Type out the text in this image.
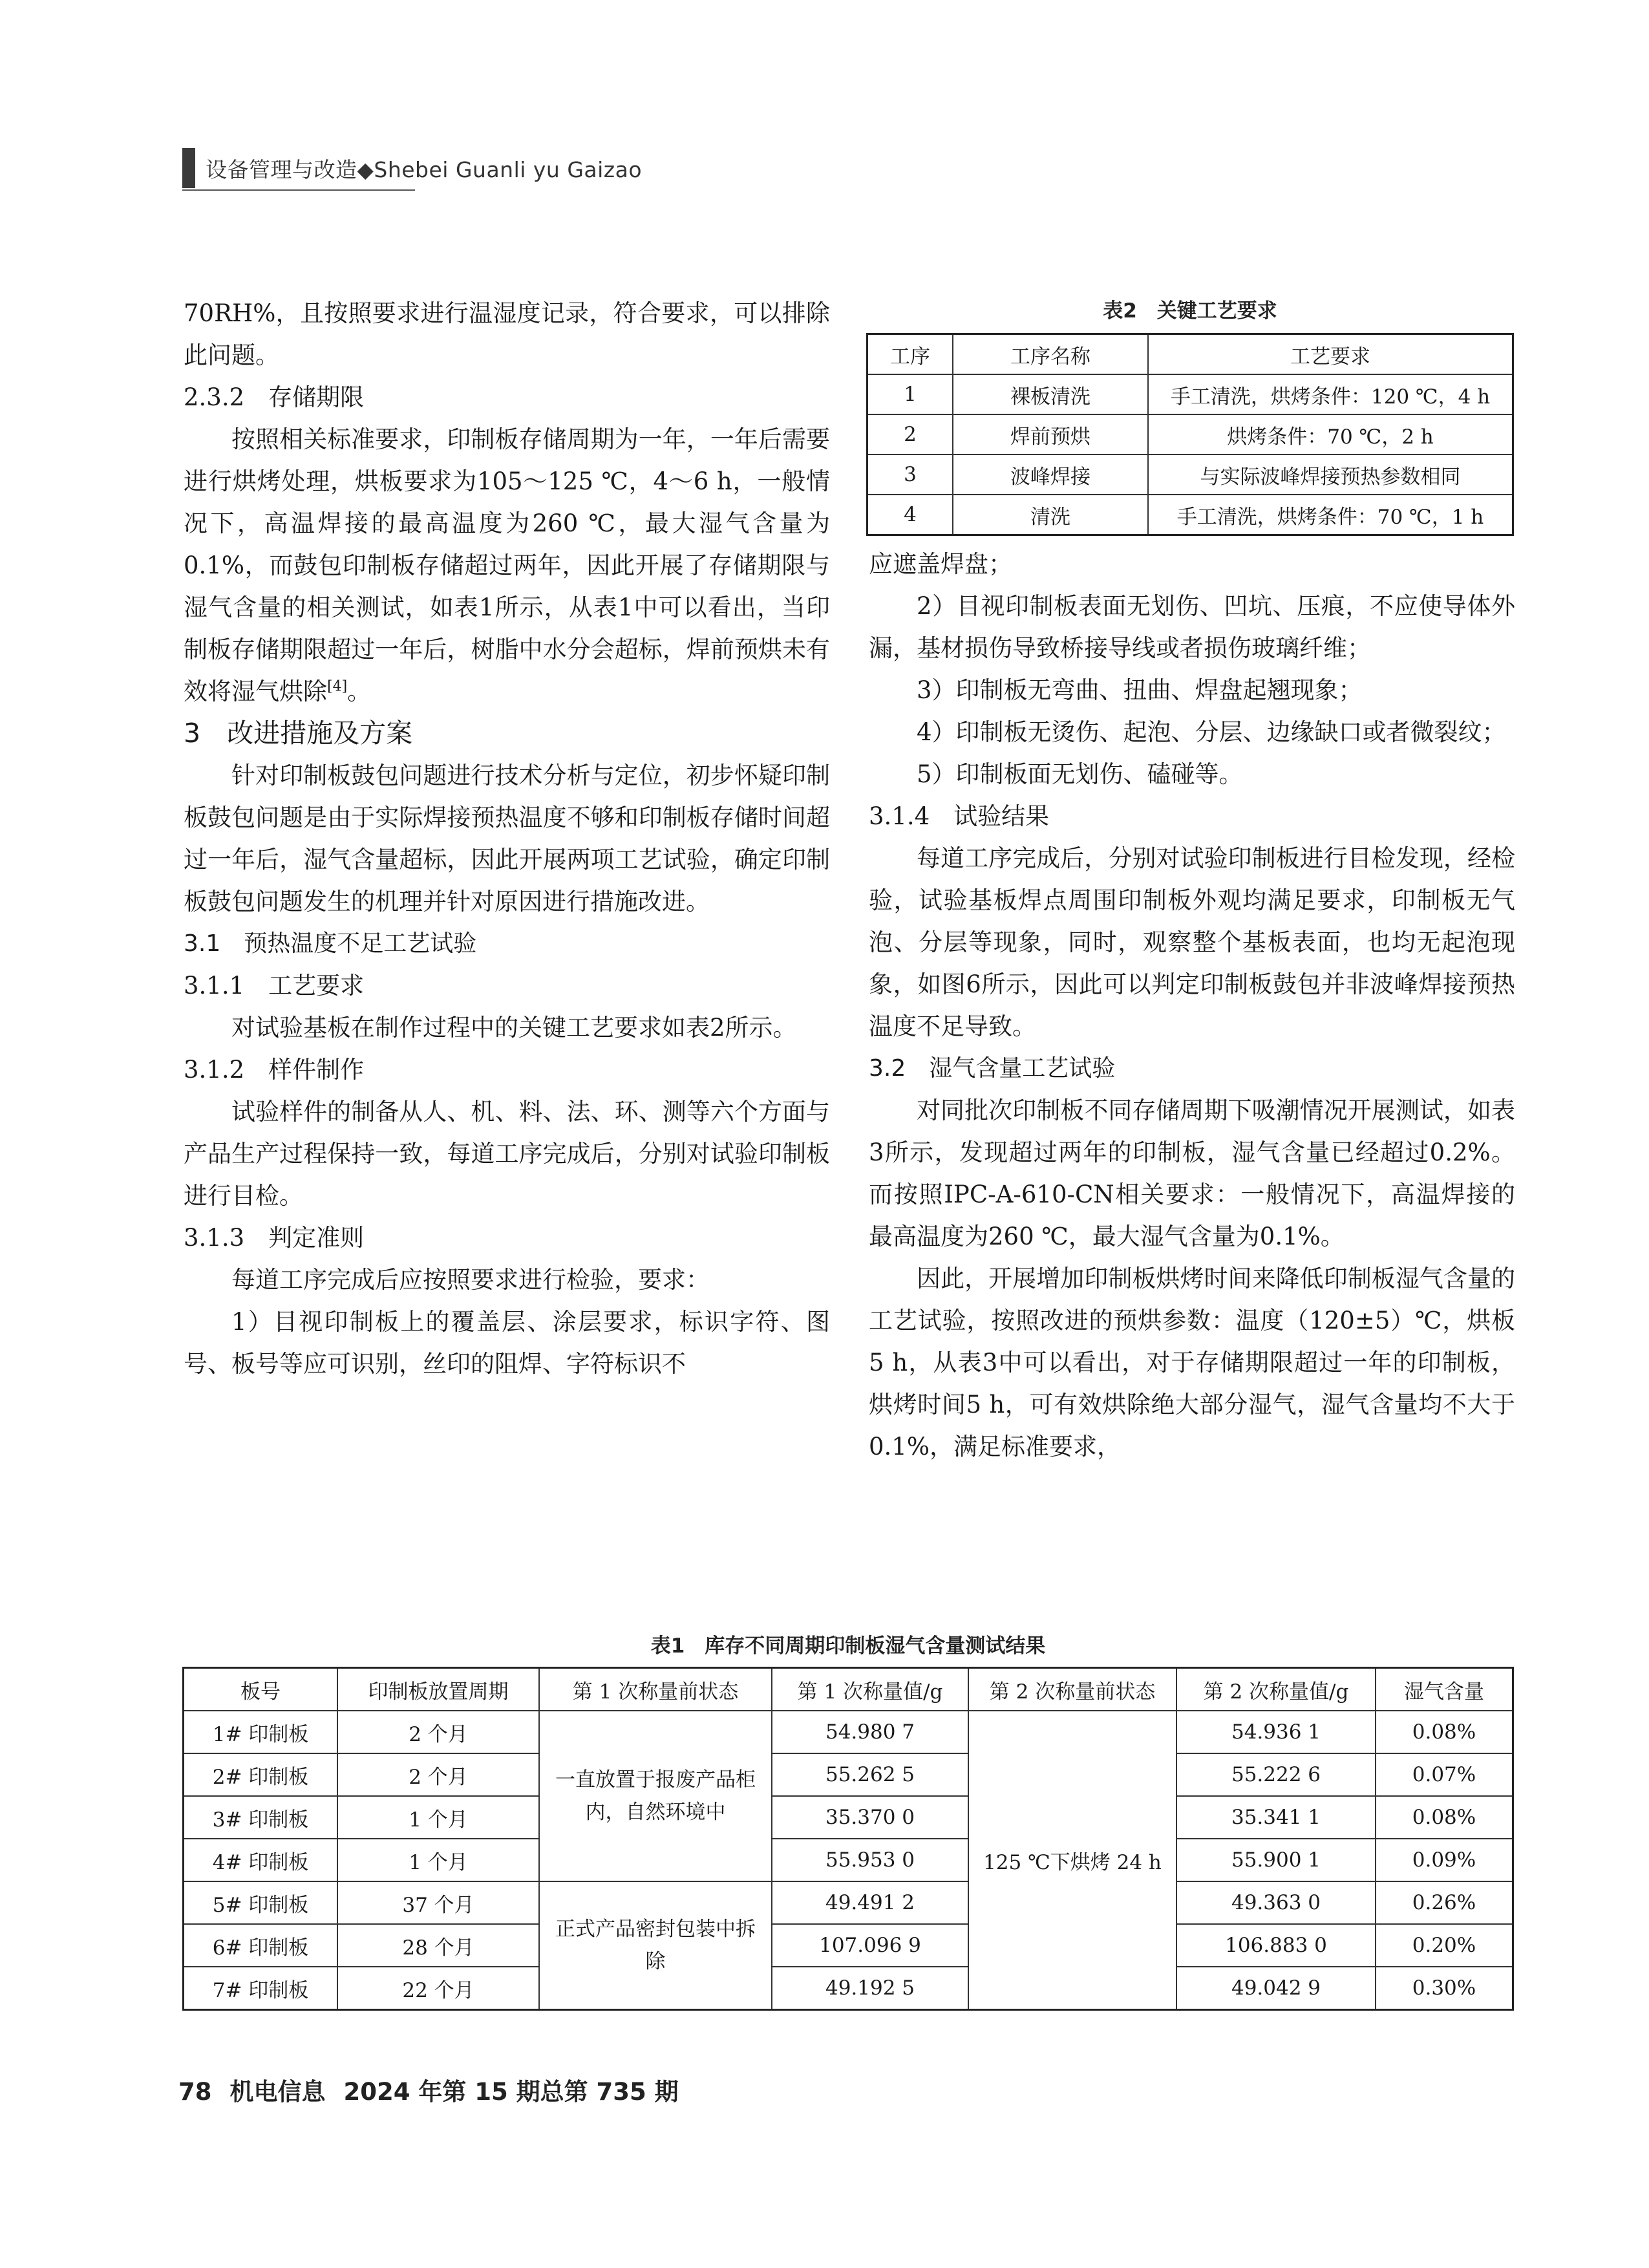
设备管理与改造◆Shebei Guanli yu Gaizao

70RH%，且按照要求进行温湿度记录，符合要求，可以排除此问题。

2.3.2　存储期限

按照相关标准要求，印制板存储周期为一年，一年后需要进行烘烤处理，烘板要求为105～125 ℃，4～6 h，一般情况下，高温焊接的最高温度为260 ℃，最大湿气含量为0.1%，而鼓包印制板存储超过两年，因此开展了存储期限与湿气含量的相关测试，如表1所示，从表1中可以看出，当印制板存储期限超过一年后，树脂中水分会超标，焊前预烘未有效将湿气烘除[4]。

3　改进措施及方案

针对印制板鼓包问题进行技术分析与定位，初步怀疑印制板鼓包问题是由于实际焊接预热温度不够和印制板存储时间超过一年后，湿气含量超标，因此开展两项工艺试验，确定印制板鼓包问题发生的机理并针对原因进行措施改进。

3.1　预热温度不足工艺试验

3.1.1　工艺要求

对试验基板在制作过程中的关键工艺要求如表2所示。

3.1.2　样件制作

试验样件的制备从人、机、料、法、环、测等六个方面与产品生产过程保持一致，每道工序完成后，分别对试验印制板进行目检。

3.1.3　判定准则

每道工序完成后应按照要求进行检验，要求：

1）目视印制板上的覆盖层、涂层要求，标识字符、图号、板号等应可识别，丝印的阻焊、字符标识不

表2　关键工艺要求
工序	工序名称	工艺要求
1	裸板清洗	手工清洗，烘烤条件：120 ℃，4 h
2	焊前预烘	烘烤条件：70 ℃，2 h
3	波峰焊接	与实际波峰焊接预热参数相同
4	清洗	手工清洗，烘烤条件：70 ℃，1 h

应遮盖焊盘；

2）目视印制板表面无划伤、凹坑、压痕，不应使导体外漏，基材损伤导致桥接导线或者损伤玻璃纤维；

3）印制板无弯曲、扭曲、焊盘起翘现象；

4）印制板无烫伤、起泡、分层、边缘缺口或者微裂纹；

5）印制板面无划伤、磕碰等。

3.1.4　试验结果

每道工序完成后，分别对试验印制板进行目检发现，经检验，试验基板焊点周围印制板外观均满足要求，印制板无气泡、分层等现象，同时，观察整个基板表面，也均无起泡现象，如图6所示，因此可以判定印制板鼓包并非波峰焊接预热温度不足导致。

3.2　湿气含量工艺试验

对同批次印制板不同存储周期下吸潮情况开展测试，如表3所示，发现超过两年的印制板，湿气含量已经超过0.2%。而按照IPC-A-610-CN相关要求：一般情况下，高温焊接的最高温度为260 ℃，最大湿气含量为0.1%。

因此，开展增加印制板烘烤时间来降低印制板湿气含量的工艺试验，按照改进的预烘参数：温度（120±5）℃，烘板5 h，从表3中可以看出，对于存储期限超过一年的印制板，烘烤时间5 h，可有效烘除绝大部分湿气，湿气含量均不大于0.1%，满足标准要求，

表1　库存不同周期印制板湿气含量测试结果
板号	印制板放置周期	第 1 次称量前状态	第 1 次称量值/g	第 2 次称量前状态	第 2 次称量值/g	湿气含量
1# 印制板	2 个月	一直放置于报废产品柜内，自然环境中	54.980 7	125 ℃下烘烤 24 h	54.936 1	0.08%
2# 印制板	2 个月		55.262 5		55.222 6	0.07%
3# 印制板	1 个月		35.370 0		35.341 1	0.08%
4# 印制板	1 个月		55.953 0		55.900 1	0.09%
5# 印制板	37 个月	正式产品密封包装中拆除	49.491 2		49.363 0	0.26%
6# 印制板	28 个月		107.096 9		106.883 0	0.20%
7# 印制板	22 个月		49.192 5		49.042 9	0.30%
78 机电信息 2024 年第 15 期总第 735 期
